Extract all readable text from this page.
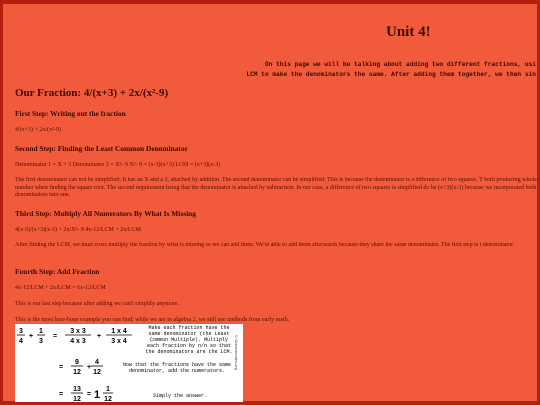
Unit 4!
On this page we will be talking about adding two different fractions, usi
LCM to make the denominators the same. After adding them together, we then sin
Our Fraction: 4/(x+3) + 2x/(x²-9)
First Step: Writing out the fraction
4/(x+3) + 2x/(x²-9)
Second Step: Finding the Least Common Denominator
Denominator 1 = X + 3 Denominator 2 = X²- 9 X²- 9 = (x-3)(x+3) LCM = (x+3)(x-3)
The first denominator can not be simplified; It has an X and a 3, attached by addition. The second denominator can be simplified. This is because the denominator is a difference of two squares. T both producing whole number when finding the square root. The second requirement being that the denominator is attached by subtraction. In our case, a difference of two squares is simplified do be (x+3)(x-3) because we incorporated both denominators into one.
Third Step: Multiply All Numerators By What Is Missing
4(x-3)/(x+3)(x-3) + 2x/X²- 9 4x-12/LCM + 2x/LCM
After finding the LCM, we must cross multiply the fraction by what is missing so we can add them. We're able to add them afterwards because they share the same denominator. The first step is t denominator.
Fourth Step: Add Fraction
4x-12/LCM + 2x/LCM = 6x-12/LCM
This is our last step because after adding we can't simplify anymore.
This is the most bare-bone example you can find; while we are in algebra 2, we still use methods from early math.
3
4
+
1
3
=
3 x 3
4 x 3
+
1 x 4
3 x 4
=
9
12
+
4
12
=
13
12
= 1 1
12
Make each fraction have the same denominator (the Least Common Multiple). Multiply each fraction by n/n so that the denominators are the LCM.
Now that the fractions have the same denominator, add the numerators.
Simply the answer.
©Sciencenotes.org
